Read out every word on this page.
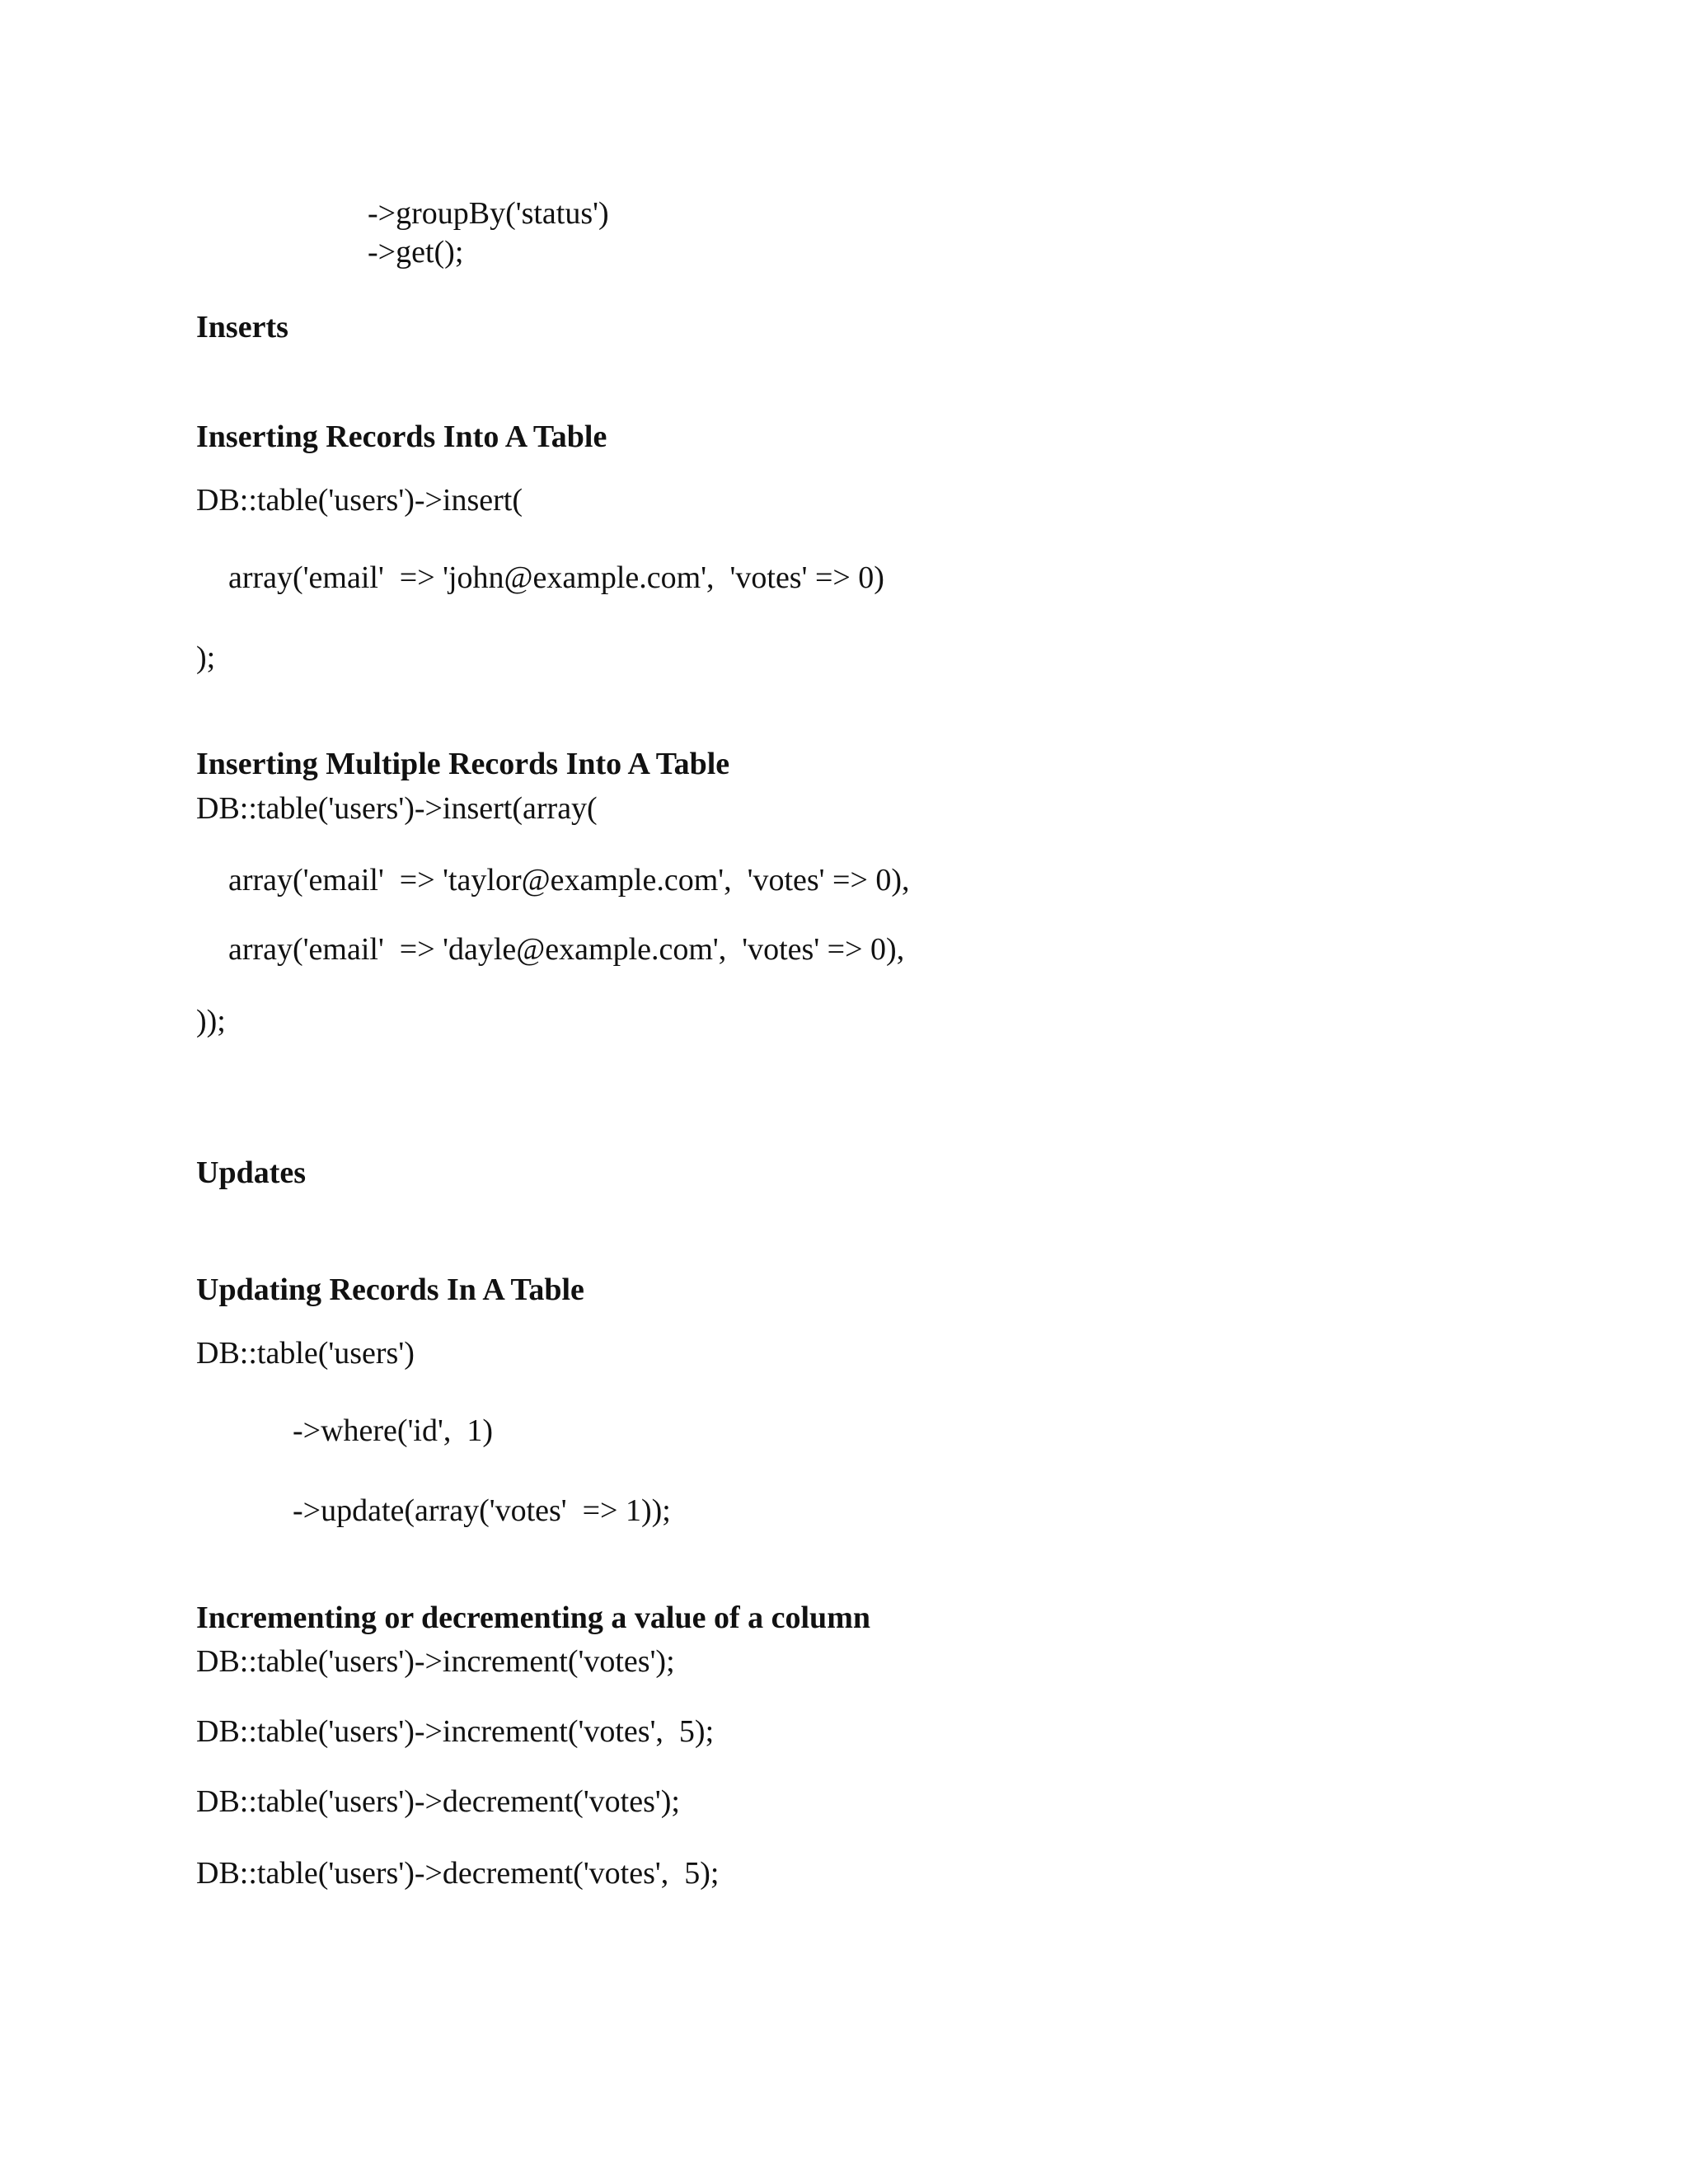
->groupBy('status')
->get();
Inserts
Inserting Records Into A Table
DB::table('users')->insert(
array('email'  => 'john@example.com',  'votes' => 0)
);
Inserting Multiple Records Into A Table
DB::table('users')->insert(array(
array('email'  => 'taylor@example.com',  'votes' => 0),
array('email'  => 'dayle@example.com',  'votes' => 0),
));
Updates
Updating Records In A Table
DB::table('users')
->where('id',  1)
->update(array('votes'  => 1));
Incrementing or decrementing a value of a column
DB::table('users')->increment('votes');
DB::table('users')->increment('votes',  5);
DB::table('users')->decrement('votes');
DB::table('users')->decrement('votes',  5);
